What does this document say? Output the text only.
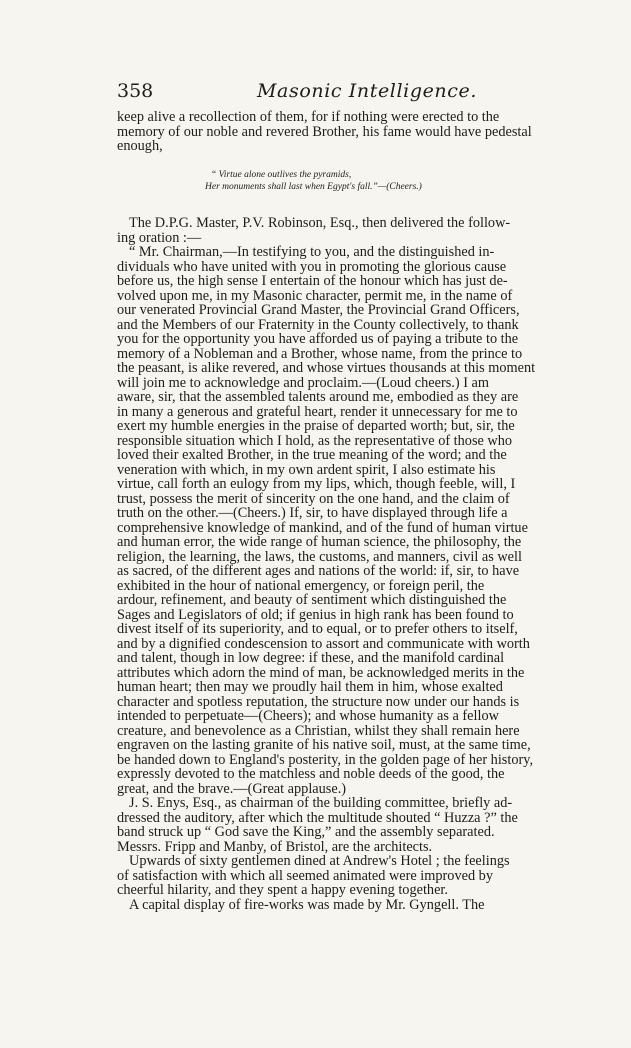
358	Masonic Intelligence.
keep alive a recollection of them, for if nothing were erected to the
memory of our noble and revered Brother, his fame would have pedestal
enough,
“ Virtue alone outlives the pyramids,
Her monuments shall last when Egypt's fall.”—(Cheers.)
The D.P.G. Master, P.V. Robinson, Esq., then delivered the follow-
ing oration :—
“ Mr. Chairman,—In testifying to you, and the distinguished in-
dividuals who have united with you in promoting the glorious cause
before us, the high sense I entertain of the honour which has just de-
volved upon me, in my Masonic character, permit me, in the name of
our venerated Provincial Grand Master, the Provincial Grand Officers,
and the Members of our Fraternity in the County collectively, to thank
you for the opportunity you have afforded us of paying a tribute to the
memory of a Nobleman and a Brother, whose name, from the prince to
the peasant, is alike revered, and whose virtues thousands at this moment
will join me to acknowledge and proclaim.—(Loud cheers.) I am
aware, sir, that the assembled talents around me, embodied as they are
in many a generous and grateful heart, render it unnecessary for me to
exert my humble energies in the praise of departed worth; but, sir, the
responsible situation which I hold, as the representative of those who
loved their exalted Brother, in the true meaning of the word; and the
veneration with which, in my own ardent spirit, I also estimate his
virtue, call forth an eulogy from my lips, which, though feeble, will, I
trust, possess the merit of sincerity on the one hand, and the claim of
truth on the other.—(Cheers.) If, sir, to have displayed through life a
comprehensive knowledge of mankind, and of the fund of human virtue
and human error, the wide range of human science, the philosophy, the
religion, the learning, the laws, the customs, and manners, civil as well
as sacred, of the different ages and nations of the world: if, sir, to have
exhibited in the hour of national emergency, or foreign peril, the
ardour, refinement, and beauty of sentiment which distinguished the
Sages and Legislators of old; if genius in high rank has been found to
divest itself of its superiority, and to equal, or to prefer others to itself,
and by a dignified condescension to assort and communicate with worth
and talent, though in low degree: if these, and the manifold cardinal
attributes which adorn the mind of man, be acknowledged merits in the
human heart; then may we proudly hail them in him, whose exalted
character and spotless reputation, the structure now under our hands is
intended to perpetuate—(Cheers); and whose humanity as a fellow
creature, and benevolence as a Christian, whilst they shall remain here
engraven on the lasting granite of his native soil, must, at the same time,
be handed down to England's posterity, in the golden page of her history,
expressly devoted to the matchless and noble deeds of the good, the
great, and the brave.—(Great applause.)
J. S. Enys, Esq., as chairman of the building committee, briefly ad-
dressed the auditory, after which the multitude shouted “ Huzza ?” the
band struck up “ God save the King,” and the assembly separated.
Messrs. Fripp and Manby, of Bristol, are the architects.
Upwards of sixty gentlemen dined at Andrew's Hotel ; the feelings
of satisfaction with which all seemed animated were improved by
cheerful hilarity, and they spent a happy evening together.
A capital display of fire-works was made by Mr. Gyngell. The
